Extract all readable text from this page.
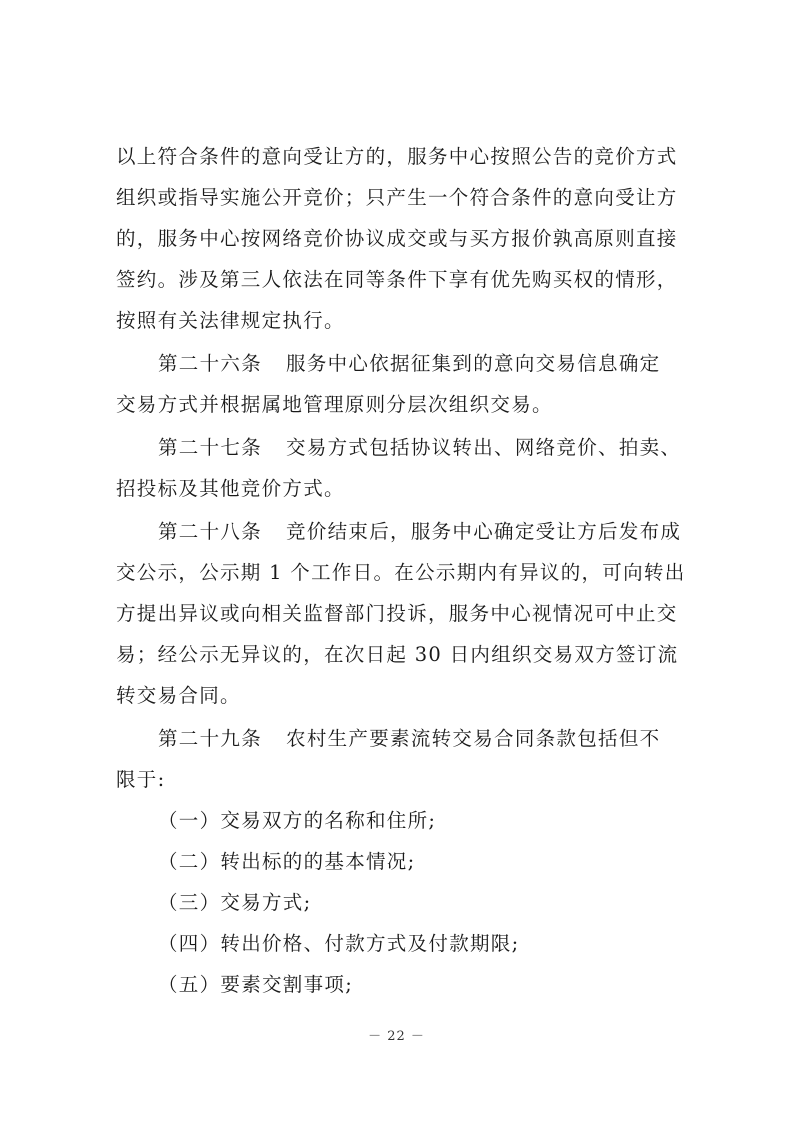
以上符合条件的意向受让方的，服务中心按照公告的竞价方式
组织或指导实施公开竞价；只产生一个符合条件的意向受让方
的，服务中心按网络竞价协议成交或与买方报价孰高原则直接
签约。涉及第三人依法在同等条件下享有优先购买权的情形，
按照有关法律规定执行。
第二十六条 服务中心依据征集到的意向交易信息确定
交易方式并根据属地管理原则分层次组织交易。
第二十七条 交易方式包括协议转出、网络竞价、拍卖、
招投标及其他竞价方式。
第二十八条 竞价结束后，服务中心确定受让方后发布成
交公示，公示期 1 个工作日。在公示期内有异议的，可向转出
方提出异议或向相关监督部门投诉，服务中心视情况可中止交
易；经公示无异议的，在次日起 30 日内组织交易双方签订流
转交易合同。
第二十九条 农村生产要素流转交易合同条款包括但不
限于:
（一）交易双方的名称和住所;
（二）转出标的的基本情况;
（三）交易方式;
（四）转出价格、付款方式及付款期限;
（五）要素交割事项;
－ 22 －
